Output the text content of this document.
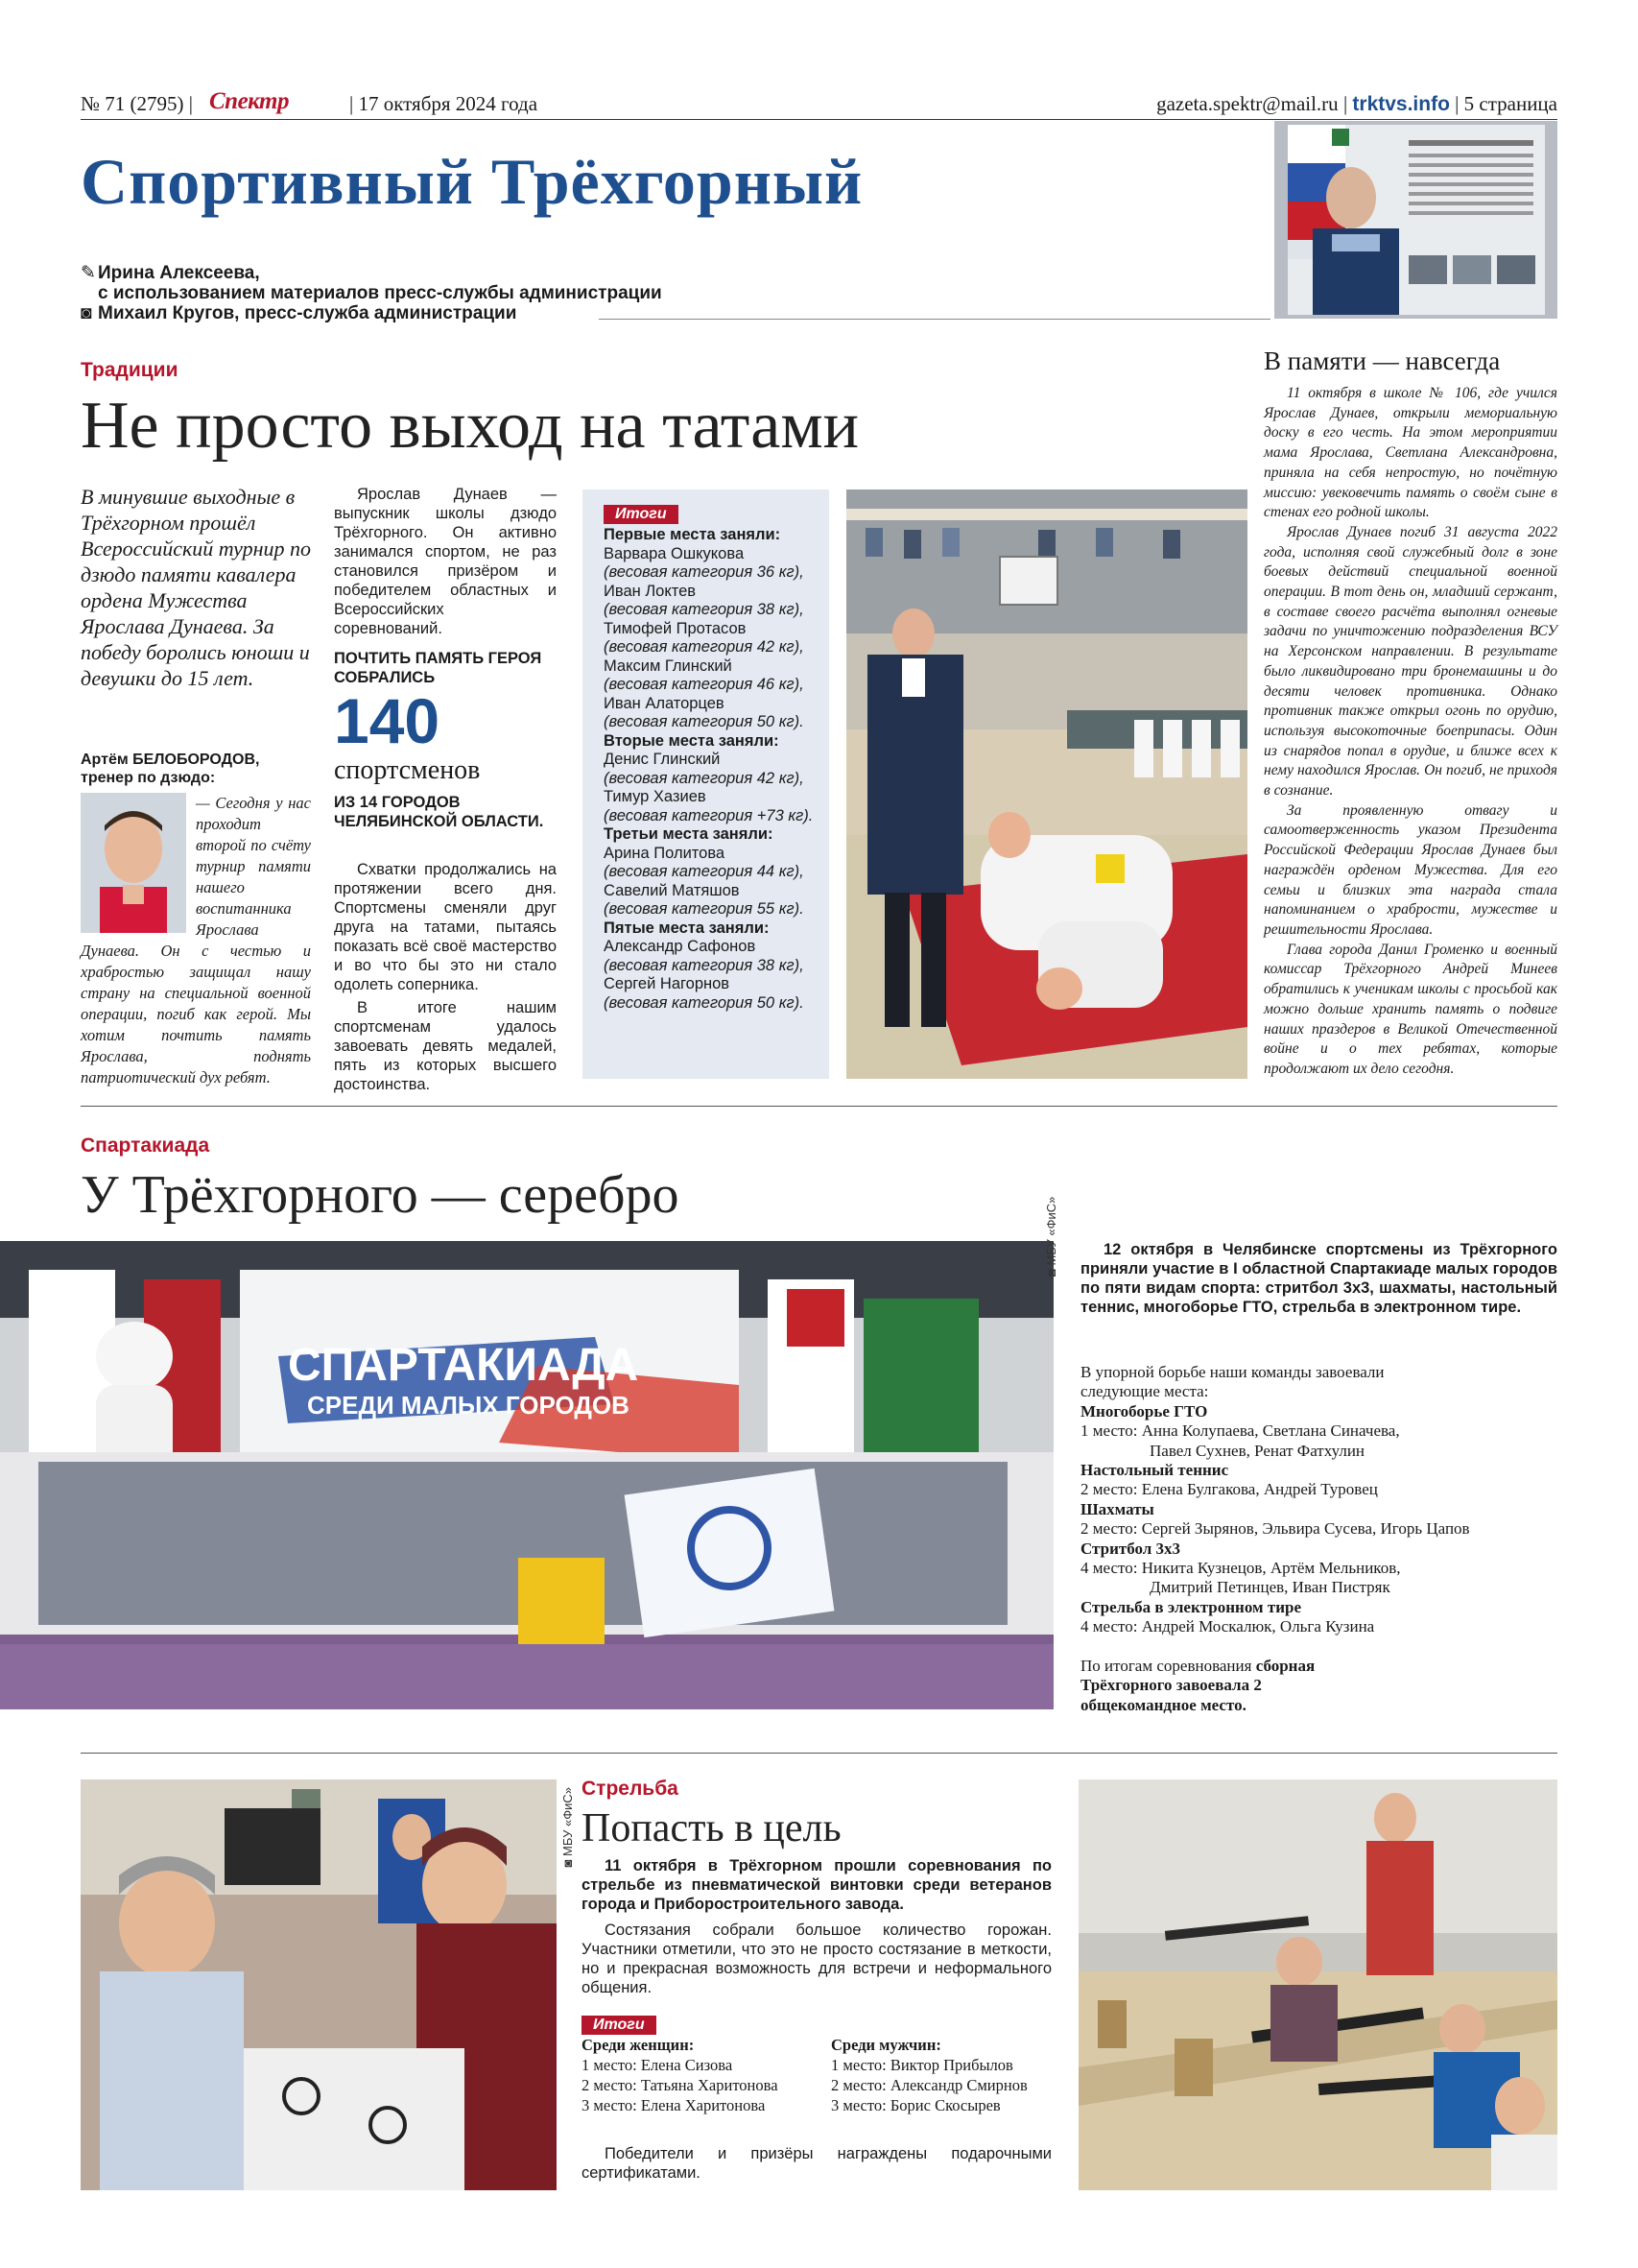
№ 71 (2795) | Спектр	| 17 октября 2024 года	gazeta.spektr@mail.ru | trktvs.info | 5 страница
Спортивный Трёхгорный
✎ Ирина Алексеева,
с использованием материалов пресс-службы администрации
◙ Михаил Кругов, пресс-служба администрации
Традиции
Не просто выход на татами
В минувшие выходные в Трёхгорном прошёл Всероссийский турнир по дзюдо памяти кавалера ордена Мужества Ярослава Дунаева. За победу боролись юноши и девушки до 15 лет.
Артём БЕЛОБОРОДОВ,
тренер по дзюдо:
— Сегодня у нас проходит второй по счёту турнир памяти нашего воспитанника Ярослава Дунаева. Он с честью и храбростью защищал нашу страну на специальной военной операции, погиб как герой. Мы хотим почтить память Ярослава, поднять патриотический дух ребят.

Ярослав Дунаев — выпускник школы дзюдо Трёхгорного. Он активно занимался спортом, не раз становился призёром и победителем областных и Всероссийских соревнований.

ПОЧТИТЬ ПАМЯТЬ ГЕРОЯ СОБРАЛИСЬ
140
спортсменов
ИЗ 14 ГОРОДОВ ЧЕЛЯБИНСКОЙ ОБЛАСТИ.

Схватки продолжались на протяжении всего дня. Спортсмены сменяли друг друга на татами, пытаясь показать всё своё мастерство и во что бы это ни стало одолеть соперника.

В итоге нашим спортсменам удалось завоевать девять медалей, пять из которых высшего достоинства.

Итоги
Первые места заняли:
Варвара Ошкукова
(весовая категория 36 кг),
Иван Локтев
(весовая категория 38 кг),
Тимофей Протасов
(весовая категория 42 кг),
Максим Глинский
(весовая категория 46 кг),
Иван Алаторцев
(весовая категория 50 кг).
Вторые места заняли:
Денис Глинский
(весовая категория 42 кг),
Тимур Хазиев
(весовая категория +73 кг).
Третьи места заняли:
Арина Политова
(весовая категория 44 кг),
Савелий Матяшов
(весовая категория 55 кг).
Пятые места заняли:
Александр Сафонов
(весовая категория 38 кг),
Сергей Нагорнов
(весовая категория 50 кг).
В памяти — навсегда

11 октября в школе № 106, где учился Ярослав Дунаев, открыли мемориальную доску в его честь. На этом мероприятии мама Ярослава, Светлана Александровна, приняла на себя непростую, но почётную миссию: увековечить память о своём сыне в стенах его родной школы.

Ярослав Дунаев погиб 31 августа 2022 года, исполняя свой служебный долг в зоне боевых действий специальной военной операции. В тот день он, младший сержант, в составе своего расчёта выполнял огневые задачи по уничтожению подразделения ВСУ на Херсонском направлении. В результате было ликвидировано три бронемашины и до десяти человек противника. Однако противник также открыл огонь по орудию, используя высокоточные боеприпасы. Один из снарядов попал в орудие, и ближе всех к нему находился Ярослав. Он погиб, не приходя в сознание.

За проявленную отвагу и самоотверженность указом Президента Российской Федерации Ярослав Дунаев был награждён орденом Мужества. Для его семьи и близких эта награда стала напоминанием о храбрости, мужестве и решительности Ярослава.

Глава города Данил Громенко и военный комиссар Трёхгорного Андрей Минеев обратились к ученикам школы с просьбой как можно дольше хранить память о подвиге наших праздеров в Великой Отечественной войне и о тех ребятах, которые продолжают их дело сегодня.

Спартакиада
У Трёхгорного — серебро
СПАРТАКИАДА
СРЕДИ МАЛЫХ ГОРОДОВ
◙ МБУ «ФиС»	12 октября в Челябинске спортсмены из Трёхгорного приняли участие в I областной Спартакиаде малых городов по пяти видам спорта: стритбол 3х3, шахматы, настольный теннис, многоборье ГТО, стрельба в электронном тире.

В упорной борьбе наши команды завоевали следующие места:

Многоборье ГТО
1 место: Анна Колупаева, Светлана Синачева,
Павел Сухнев, Ренат Фатхулин
Настольный теннис
2 место: Елена Булгакова, Андрей Туровец
Шахматы
2 место: Сергей Зырянов, Эльвира Сусева, Игорь Цапов
Стритбол 3х3
4 место: Никита Кузнецов, Артём Мельников,
Дмитрий Петинцев, Иван Пистряк
Стрельба в электронном тире
4 место: Андрей Москалюк, Ольга Кузина

По итогам соревнования сборная Трёхгорного завоевала 2 общекомандное место.

◙ МБУ «ФиС» Стрельба
Попасть в цель
11 октября в Трёхгорном прошли соревнования по стрельбе из пневматической винтовки среди ветеранов города и Приборостроительного завода.
Состязания собрали большое количество горожан. Участники отметили, что это не просто состязание в меткости, но и прекрасная возможность для встречи и неформального общения.
Итоги
Среди женщин:
1 место: Елена Сизова
2 место: Татьяна Харитонова
3 место: Елена Харитонова
Среди мужчин:
1 место: Виктор Прибылов
2 место: Александр Смирнов
3 место: Борис Скосырев
Победители и призёры награждены подарочными сертификатами.
